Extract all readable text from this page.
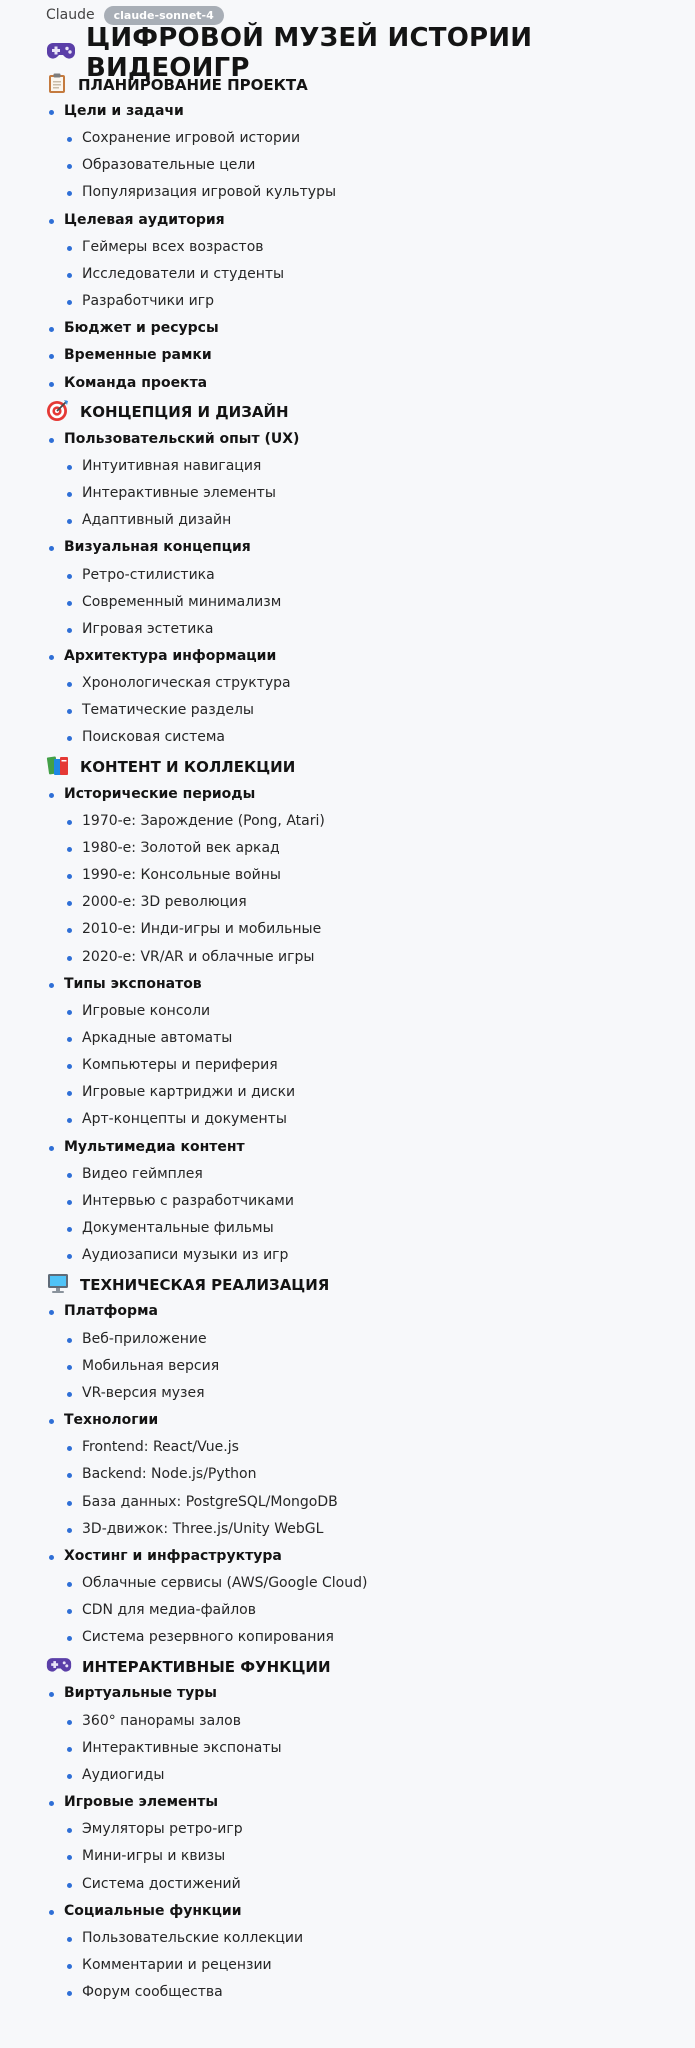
Claude	claude-sonnet-4
ЦИФРОВОЙ МУЗЕЙ ИСТОРИИ ВИДЕОИГР
ПЛАНИРОВАНИЕ ПРОЕКТА
Цели и задачи
Сохранение игровой истории
Образовательные цели
Популяризация игровой культуры
Целевая аудитория
Геймеры всех возрастов
Исследователи и студенты
Разработчики игр
Бюджет и ресурсы
Временные рамки
Команда проекта
КОНЦЕПЦИЯ И ДИЗАЙН
Пользовательский опыт (UX)
Интуитивная навигация
Интерактивные элементы
Адаптивный дизайн
Визуальная концепция
Ретро-стилистика
Современный минимализм
Игровая эстетика
Архитектура информации
Хронологическая структура
Тематические разделы
Поисковая система
КОНТЕНТ И КОЛЛЕКЦИИ
Исторические периоды
1970-е: Зарождение (Pong, Atari)
1980-е: Золотой век аркад
1990-е: Консольные войны
2000-е: 3D революция
2010-е: Инди-игры и мобильные
2020-е: VR/AR и облачные игры
Типы экспонатов
Игровые консоли
Аркадные автоматы
Компьютеры и периферия
Игровые картриджи и диски
Арт-концепты и документы
Мультимедиа контент
Видео геймплея
Интервью с разработчиками
Документальные фильмы
Аудиозаписи музыки из игр
ТЕХНИЧЕСКАЯ РЕАЛИЗАЦИЯ
Платформа
Веб-приложение
Мобильная версия
VR-версия музея
Технологии
Frontend: React/Vue.js
Backend: Node.js/Python
База данных: PostgreSQL/MongoDB
3D-движок: Three.js/Unity WebGL
Хостинг и инфраструктура
Облачные сервисы (AWS/Google Cloud)
CDN для медиа-файлов
Система резервного копирования
ИНТЕРАКТИВНЫЕ ФУНКЦИИ
Виртуальные туры
360° панорамы залов
Интерактивные экспонаты
Аудиогиды
Игровые элементы
Эмуляторы ретро-игр
Мини-игры и квизы
Система достижений
Социальные функции
Пользовательские коллекции
Комментарии и рецензии
Форум сообщества
